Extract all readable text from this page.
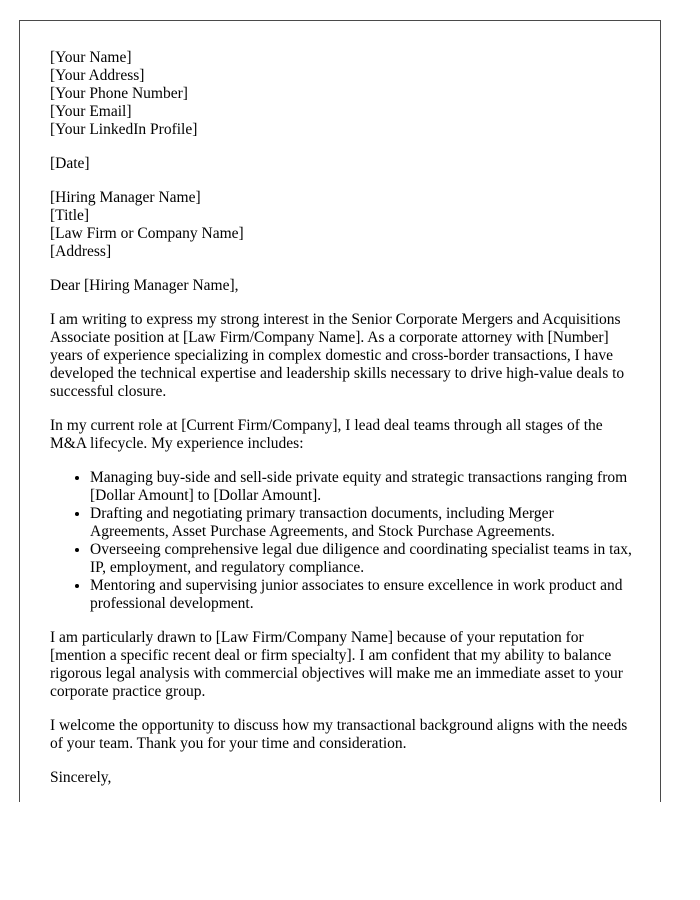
[Your Name]
[Your Address]
[Your Phone Number]
[Your Email]
[Your LinkedIn Profile]
[Date]
[Hiring Manager Name]
[Title]
[Law Firm or Company Name]
[Address]

Dear [Hiring Manager Name],

I am writing to express my strong interest in the Senior Corporate Mergers and Acquisitions Associate position at [Law Firm/Company Name]. As a corporate attorney with [Number] years of experience specializing in complex domestic and cross-border transactions, I have developed the technical expertise and leadership skills necessary to drive high-value deals to successful closure.

In my current role at [Current Firm/Company], I lead deal teams through all stages of the M&A lifecycle. My experience includes:

• Managing buy-side and sell-side private equity and strategic transactions ranging from [Dollar Amount] to [Dollar Amount].
• Drafting and negotiating primary transaction documents, including Merger Agreements, Asset Purchase Agreements, and Stock Purchase Agreements.
• Overseeing comprehensive legal due diligence and coordinating specialist teams in tax, IP, employment, and regulatory compliance.
• Mentoring and supervising junior associates to ensure excellence in work product and professional development.

I am particularly drawn to [Law Firm/Company Name] because of your reputation for [mention a specific recent deal or firm specialty]. I am confident that my ability to balance rigorous legal analysis with commercial objectives will make me an immediate asset to your corporate practice group.

I welcome the opportunity to discuss how my transactional background aligns with the needs of your team. Thank you for your time and consideration.

Sincerely,
